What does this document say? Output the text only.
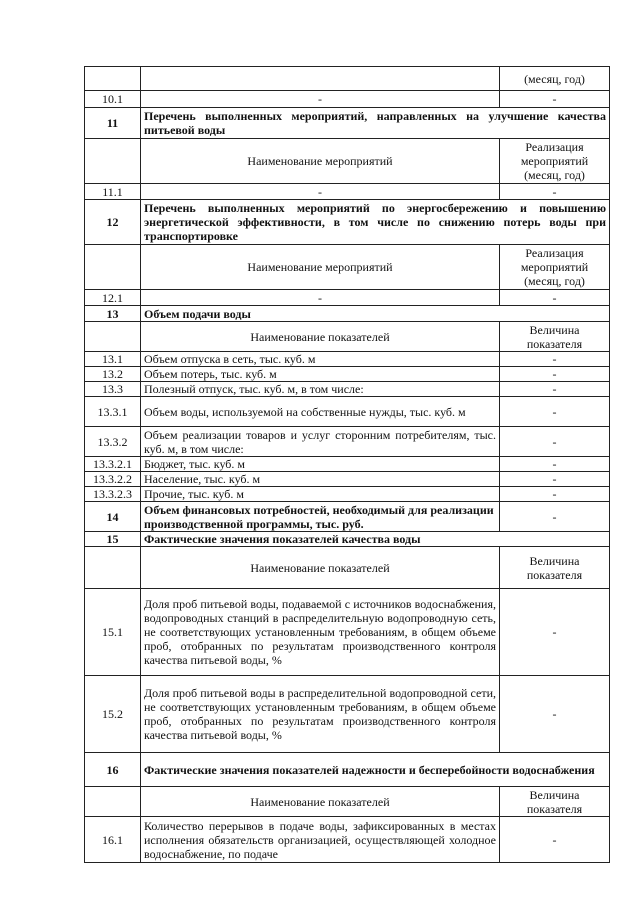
		(месяц, год)
10.1	-	-
11	Перечень выполненных мероприятий, направленных на улучшение качества питьевой воды	
	Наименование мероприятий	Реализация мероприятий (месяц, год)
11.1	-	-
12	Перечень выполненных мероприятий по энергосбережению и повышению энергетической эффективности, в том числе по снижению потерь воды при транспортировке	
	Наименование мероприятий	Реализация мероприятий (месяц, год)
12.1	-	-
13	Объем подачи воды	
	Наименование показателей	Величина показателя
13.1	Объем отпуска в сеть, тыс. куб. м	-
13.2	Объем потерь, тыс. куб. м	-
13.3	Полезный отпуск, тыс. куб. м, в том числе:	-
13.3.1	Объем воды, используемой на собственные нужды, тыс. куб. м	-
13.3.2	Объем реализации товаров и услуг сторонним потребителям, тыс. куб. м, в том числе:	-
13.3.2.1	Бюджет, тыс. куб. м	-
13.3.2.2	Население, тыс. куб. м	-
13.3.2.3	Прочие, тыс. куб. м	-
14	Объем финансовых потребностей, необходимый для реализации производственной программы, тыс. руб.	-
15	Фактические значения показателей качества воды	
	Наименование показателей	Величина показателя
15.1	Доля проб питьевой воды, подаваемой с источников водоснабжения, водопроводных станций в распределительную водопроводную сеть, не соответствующих установленным требованиям, в общем объеме проб, отобранных по результатам производственного контроля качества питьевой воды, %	-
15.2	Доля проб питьевой воды в распределительной водопроводной сети, не соответствующих установленным требованиям, в общем объеме проб, отобранных по результатам производственного контроля качества питьевой воды, %	-
16	Фактические значения показателей надежности и бесперебойности водоснабжения	
	Наименование показателей	Величина показателя
16.1	Количество перерывов в подаче воды, зафиксированных в местах исполнения обязательств организацией, осуществляющей холодное водоснабжение, по подаче	-
